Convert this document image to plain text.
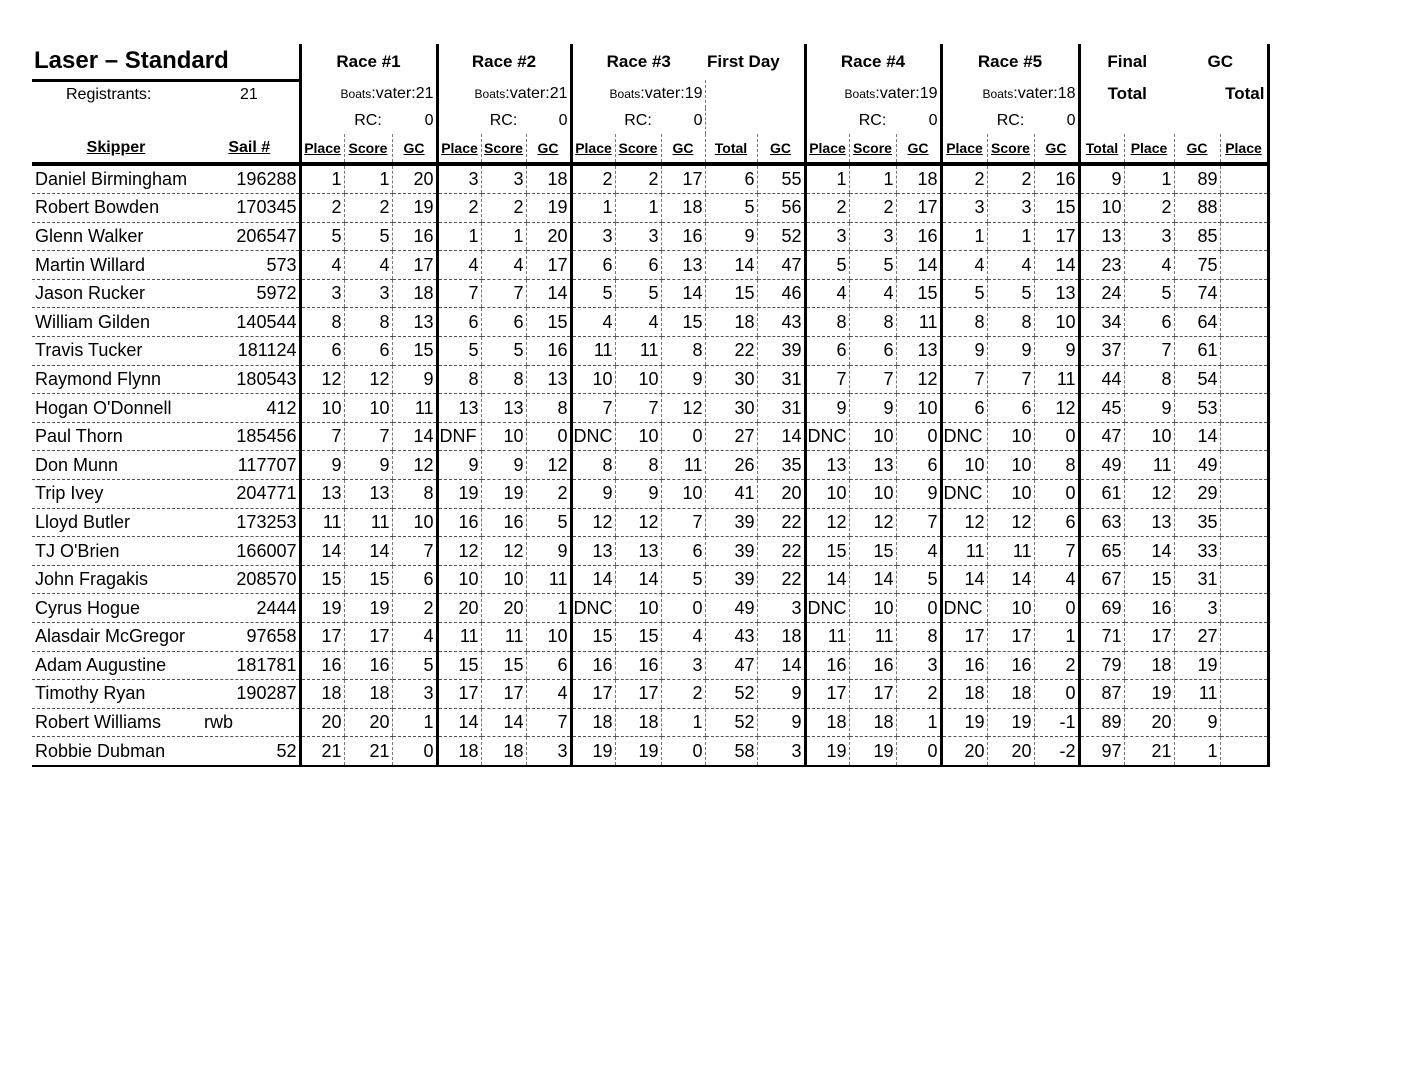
Laser – Standard		Race #1			Race #2			Race #3			First Day		Race #4			Race #5			Final		GC	
Registrants:	21	Boats:vater: 21			Boats:vater: 21			Boats:vater: 19					Boats:vater: 19			Boats:vater: 18			Total		Total	
			RC:	0		RC:	0		RC:	0				RC:	0		RC:	0				
Skipper	Sail #	Place	Score	GC	Place	Score	GC	Place	Score	GC	Total	GC	Place	Score	GC	Place	Score	GC	Total	Place	GC	Place
Daniel Birmingham	196288	1	1	20	3	3	18	2	2	17	6	55	1	1	18	2	2	16	9	1	89	
Robert Bowden	170345	2	2	19	2	2	19	1	1	18	5	56	2	2	17	3	3	15	10	2	88	
Glenn Walker	206547	5	5	16	1	1	20	3	3	16	9	52	3	3	16	1	1	17	13	3	85	
Martin Willard	573	4	4	17	4	4	17	6	6	13	14	47	5	5	14	4	4	14	23	4	75	
Jason Rucker	5972	3	3	18	7	7	14	5	5	14	15	46	4	4	15	5	5	13	24	5	74	
William Gilden	140544	8	8	13	6	6	15	4	4	15	18	43	8	8	11	8	8	10	34	6	64	
Travis Tucker	181124	6	6	15	5	5	16	11	11	8	22	39	6	6	13	9	9	9	37	7	61	
Raymond Flynn	180543	12	12	9	8	8	13	10	10	9	30	31	7	7	12	7	7	11	44	8	54	
Hogan O'Donnell	412	10	10	11	13	13	8	7	7	12	30	31	9	9	10	6	6	12	45	9	53	
Paul Thorn	185456	7	7	14	DNF	10	0	DNC	10	0	27	14	DNC	10	0	DNC	10	0	47	10	14	
Don Munn	117707	9	9	12	9	9	12	8	8	11	26	35	13	13	6	10	10	8	49	11	49	
Trip Ivey	204771	13	13	8	19	19	2	9	9	10	41	20	10	10	9	DNC	10	0	61	12	29	
Lloyd Butler	173253	11	11	10	16	16	5	12	12	7	39	22	12	12	7	12	12	6	63	13	35	
TJ O'Brien	166007	14	14	7	12	12	9	13	13	6	39	22	15	15	4	11	11	7	65	14	33	
John Fragakis	208570	15	15	6	10	10	11	14	14	5	39	22	14	14	5	14	14	4	67	15	31	
Cyrus Hogue	2444	19	19	2	20	20	1	DNC	10	0	49	3	DNC	10	0	DNC	10	0	69	16	3	
Alasdair McGregor	97658	17	17	4	11	11	10	15	15	4	43	18	11	11	8	17	17	1	71	17	27	
Adam Augustine	181781	16	16	5	15	15	6	16	16	3	47	14	16	16	3	16	16	2	79	18	19	
Timothy Ryan	190287	18	18	3	17	17	4	17	17	2	52	9	17	17	2	18	18	0	87	19	11	
Robert Williams	rwb	20	20	1	14	14	7	18	18	1	52	9	18	18	1	19	19	-1	89	20	9	
Robbie Dubman	52	21	21	0	18	18	3	19	19	0	58	3	19	19	0	20	20	-2	97	21	1	
